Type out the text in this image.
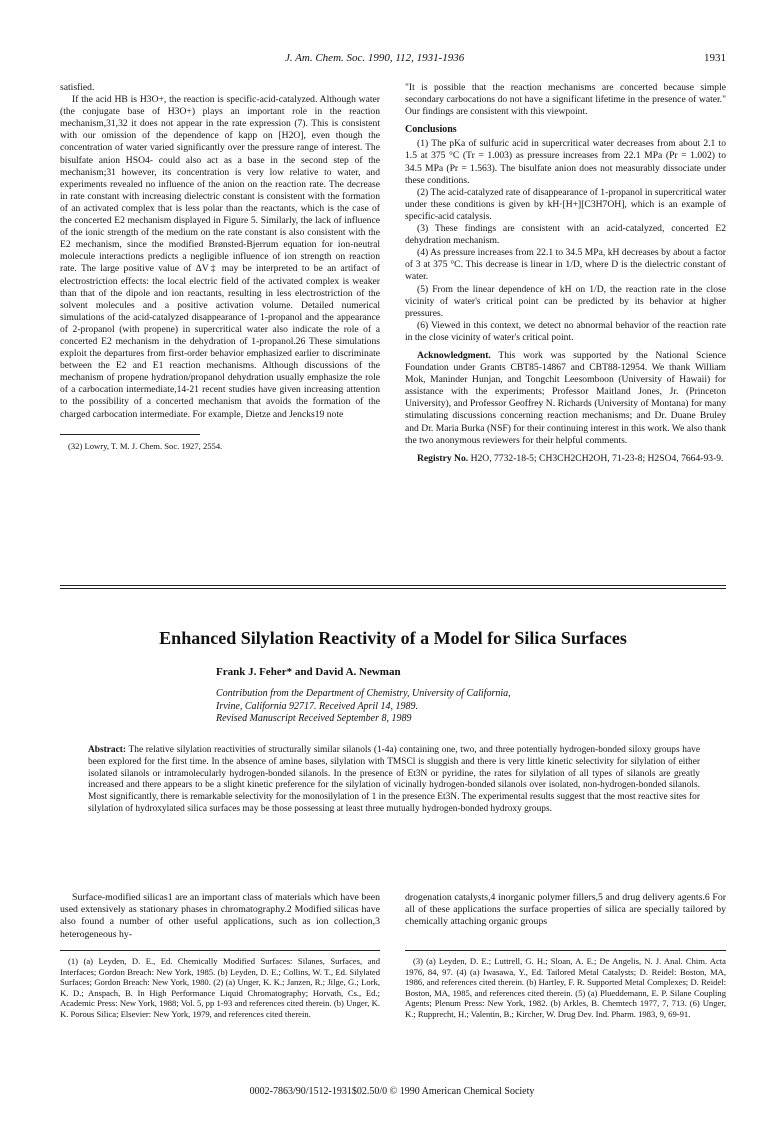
J. Am. Chem. Soc. 1990, 112, 1931-1936	1931

satisfied.

If the acid HB is H3O+, the reaction is specific-acid-catalyzed. Although water (the conjugate base of H3O+) plays an important role in the reaction mechanism,31,32 it does not appear in the rate expression (7). This is consistent with our omission of the dependence of kapp on [H2O], even though the concentration of water varied significantly over the pressure range of interest. The bisulfate anion HSO4- could also act as a base in the second step of the mechanism;31 however, its concentration is very low relative to water, and experiments revealed no influence of the anion on the reaction rate. The decrease in rate constant with increasing dielectric constant is consistent with the formation of an activated complex that is less polar than the reactants, which is the case of the concerted E2 mechanism displayed in Figure 5. Similarly, the lack of influence of the ionic strength of the medium on the rate constant is also consistent with the E2 mechanism, since the modified Brønsted-Bjerrum equation for ion-neutral molecule interactions predicts a negligible influence of ion strength on reaction rate. The large positive value of ΔV‡ may be interpreted to be an artifact of electrostriction effects: the local electric field of the activated complex is weaker than that of the dipole and ion reactants, resulting in less electrostriction of the solvent molecules and a positive activation volume. Detailed numerical simulations of the acid-catalyzed disappearance of 1-propanol and the appearance of 2-propanol (with propene) in supercritical water also indicate the role of a concerted E2 mechanism in the dehydration of 1-propanol.26 These simulations exploit the departures from first-order behavior emphasized earlier to discriminate between the E2 and E1 reaction mechanisms. Although discussions of the mechanism of propene hydration/propanol dehydration usually emphasize the role of a carbocation intermediate,14-21 recent studies have given increasing attention to the possibility of a concerted mechanism that avoids the formation of the charged carbocation intermediate. For example, Dietze and Jencks19 note

(32) Lowry, T. M. J. Chem. Soc. 1927, 2554.

"It is possible that the reaction mechanisms are concerted because simple secondary carbocations do not have a significant lifetime in the presence of water." Our findings are consistent with this viewpoint.

Conclusions

(1) The pKa of sulfuric acid in supercritical water decreases from about 2.1 to 1.5 at 375 °C (Tr = 1.003) as pressure increases from 22.1 MPa (Pr = 1.002) to 34.5 MPa (Pr = 1.563). The bisulfate anion does not measurably dissociate under these conditions.

(2) The acid-catalyzed rate of disappearance of 1-propanol in supercritical water under these conditions is given by kH·[H+][C3H7OH], which is an example of specific-acid catalysis.

(3) These findings are consistent with an acid-catalyzed, concerted E2 dehydration mechanism.

(4) As pressure increases from 22.1 to 34.5 MPa, kH decreases by about a factor of 3 at 375 °C. This decrease is linear in 1/D, where D is the dielectric constant of water.

(5) From the linear dependence of kH on 1/D, the reaction rate in the close vicinity of water's critical point can be predicted by its behavior at higher pressures.

(6) Viewed in this context, we detect no abnormal behavior of the reaction rate in the close vicinity of water's critical point.

Acknowledgment. This work was supported by the National Science Foundation under Grants CBT85-14867 and CBT88-12954. We thank William Mok, Maninder Hunjan, and Tongchit Leesomboon (University of Hawaii) for assistance with the experiments; Professor Maitland Jones, Jr. (Princeton University), and Professor Geoffrey N. Richards (University of Montana) for many stimulating discussions concerning reaction mechanisms; and Dr. Duane Bruley and Dr. Maria Burka (NSF) for their continuing interest in this work. We also thank the two anonymous reviewers for their helpful comments.

Registry No. H2O, 7732-18-5; CH3CH2CH2OH, 71-23-8; H2SO4, 7664-93-9.

Enhanced Silylation Reactivity of a Model for Silica Surfaces
Frank J. Feher* and David A. Newman
Contribution from the Department of Chemistry, University of California,
Irvine, California 92717. Received April 14, 1989.
Revised Manuscript Received September 8, 1989
Abstract: The relative silylation reactivities of structurally similar silanols (1-4a) containing one, two, and three potentially hydrogen-bonded siloxy groups have been explored for the first time. In the absence of amine bases, silylation with TMSCl is sluggish and there is very little kinetic selectivity for silylation of either isolated silanols or intramolecularly hydrogen-bonded silanols. In the presence of Et3N or pyridine, the rates for silylation of all types of silanols are greatly increased and there appears to be a slight kinetic preference for the silylation of vicinally hydrogen-bonded silanols over isolated, non-hydrogen-bonded silanols. Most significantly, there is remarkable selectivity for the monosilylation of 1 in the presence Et3N. The experimental results suggest that the most reactive sites for silylation of hydroxylated silica surfaces may be those possessing at least three mutually hydrogen-bonded hydroxy groups.

Surface-modified silicas1 are an important class of materials which have been used extensively as stationary phases in chromatography.2 Modified silicas have also found a number of other useful applications, such as ion collection,3 heterogeneous hy-

drogenation catalysts,4 inorganic polymer fillers,5 and drug delivery agents.6 For all of these applications the surface properties of silica are specially tailored by chemically attaching organic groups

(1) (a) Leyden, D. E., Ed. Chemically Modified Surfaces: Silanes, Surfaces, and Interfaces; Gordon Breach: New York, 1985. (b) Leyden, D. E.; Collins, W. T., Ed. Silylated Surfaces; Gordon Breach: New York, 1980. (2) (a) Unger, K. K.; Janzen, R.; Jilge, G.; Lork, K. D.; Anspach, B. In High Performance Liquid Chromatography; Horvath, Cs., Ed.; Academic Press: New York, 1988; Vol. 5, pp 1-93 and references cited therein. (b) Unger, K. K. Porous Silica; Elsevier: New York, 1979, and references cited therein.

(3) (a) Leyden, D. E.; Luttrell, G. H.; Sloan, A. E.; De Angelis, N. J. Anal. Chim. Acta 1976, 84, 97. (4) (a) Iwasawa, Y., Ed. Tailored Metal Catalysts; D. Reidel: Boston, MA, 1986, and references cited therein. (b) Hartley, F. R. Supported Metal Complexes; D. Reidel: Boston, MA, 1985, and references cited therein. (5) (a) Plueddemann, E. P. Silane Coupling Agents; Plenum Press: New York, 1982. (b) Arkles, B. Chemtech 1977, 7, 713. (6) Unger, K.; Rupprecht, H.; Valentin, B.; Kircher, W. Drug Dev. Ind. Pharm. 1983, 9, 69-91.

0002-7863/90/1512-1931$02.50/0 © 1990 American Chemical Society
